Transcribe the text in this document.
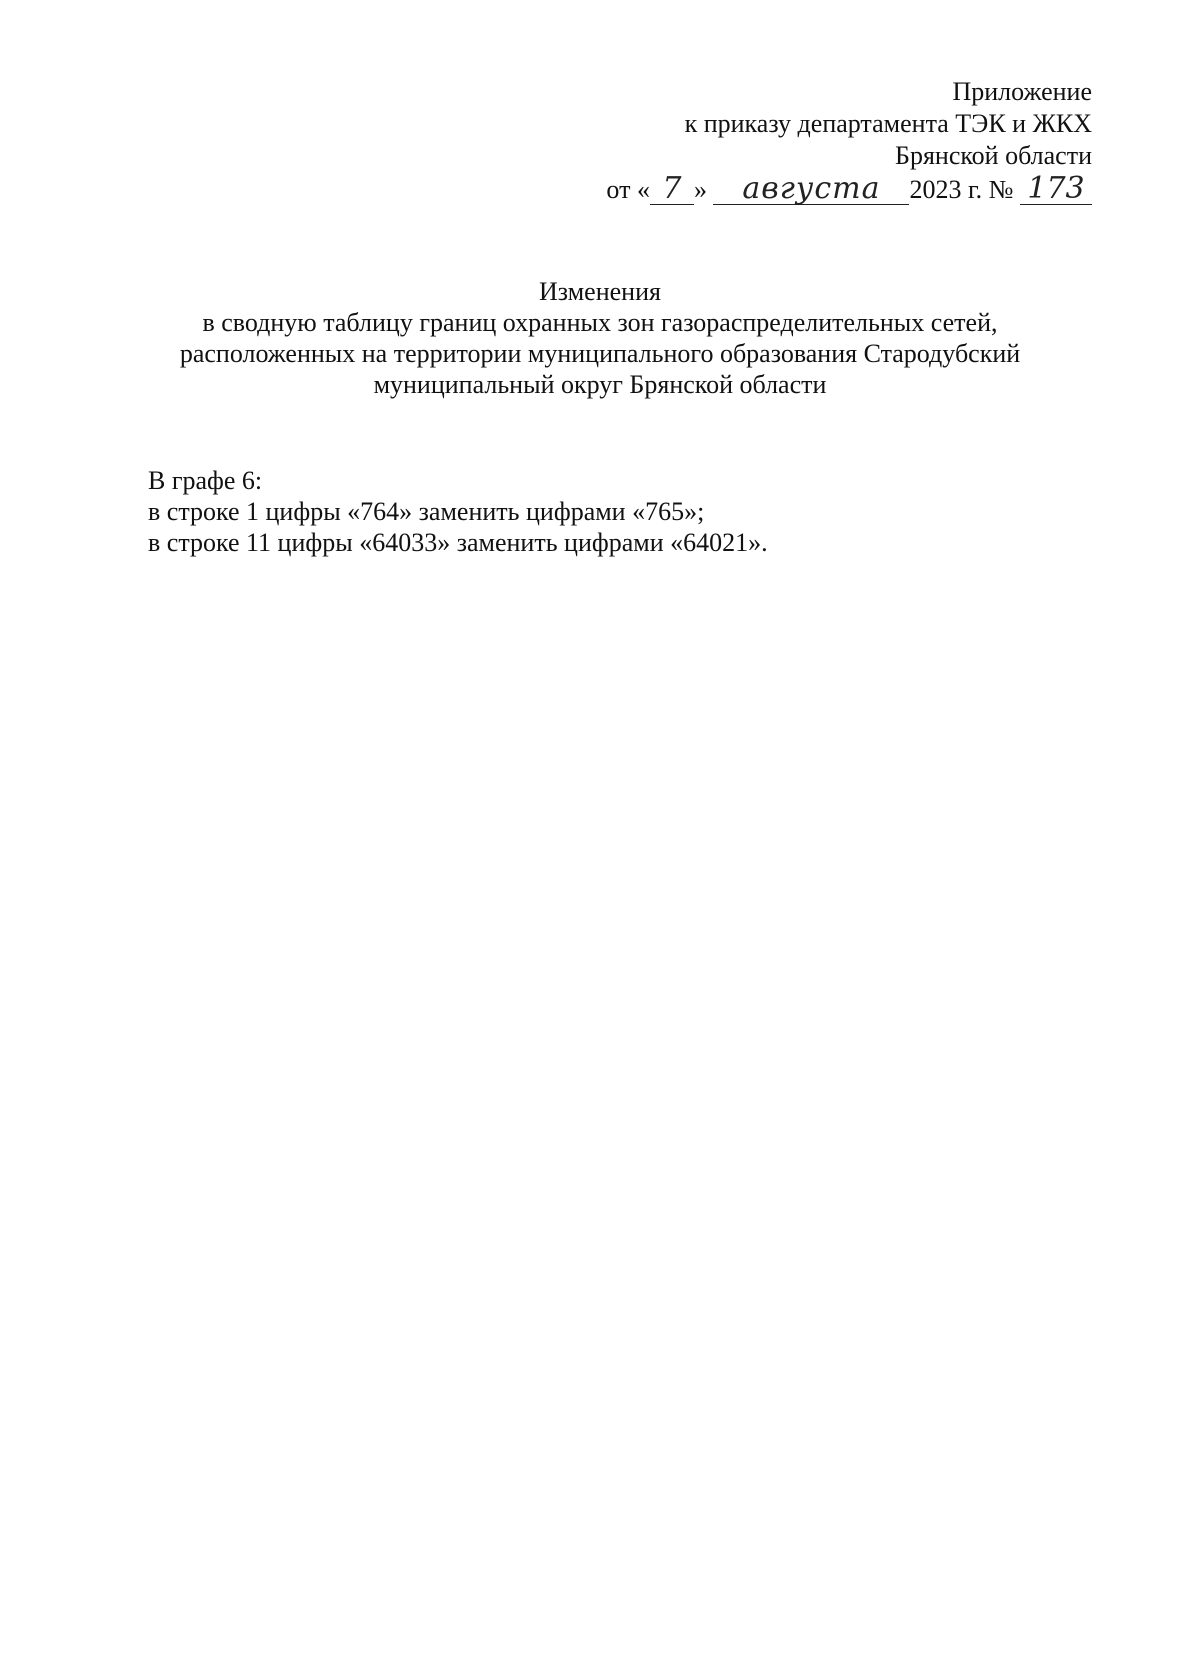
Приложение
к приказу департамента ТЭК и ЖКХ
Брянской области
от « 7 » августа 2023 г. № 173
Изменения
в сводную таблицу границ охранных зон газораспределительных сетей,
расположенных на территории муниципального образования Стародубский
муниципальный округ Брянской области
В графе 6:
в строке 1 цифры «764» заменить цифрами «765»;
в строке 11 цифры «64033» заменить цифрами «64021».
